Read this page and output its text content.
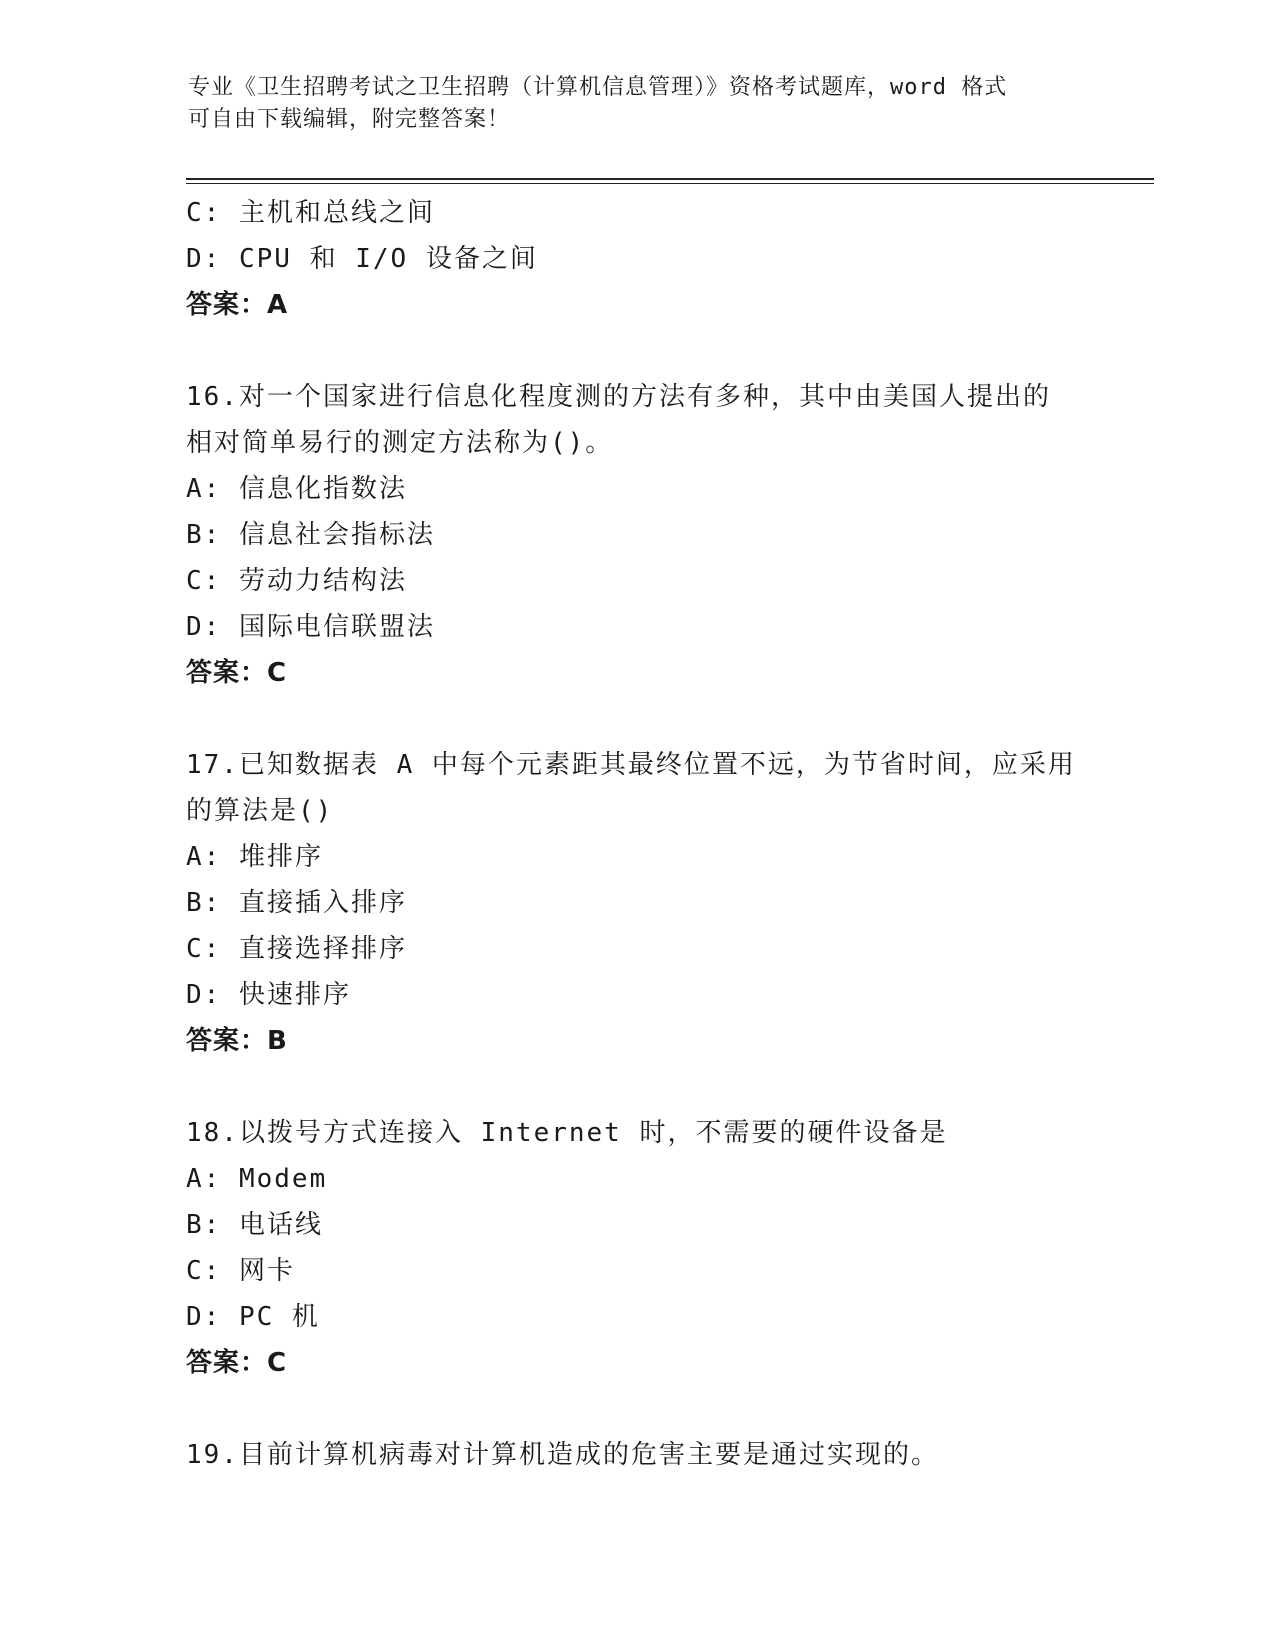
专业《卫生招聘考试之卫生招聘（计算机信息管理）》资格考试题库，word 格式
可自由下载编辑，附完整答案！
C: 主机和总线之间
D: CPU 和 I/O 设备之间
答案：A
16.对一个国家进行信息化程度测的方法有多种，其中由美国人提出的
相对简单易行的测定方法称为()。
A: 信息化指数法
B: 信息社会指标法
C: 劳动力结构法
D: 国际电信联盟法
答案：C
17.已知数据表 A 中每个元素距其最终位置不远，为节省时间，应采用
的算法是()
A: 堆排序
B: 直接插入排序
C: 直接选择排序
D: 快速排序
答案：B
18.以拨号方式连接入 Internet 时，不需要的硬件设备是
A: Modem
B: 电话线
C: 网卡
D: PC 机
答案：C
19.目前计算机病毒对计算机造成的危害主要是通过实现的。
